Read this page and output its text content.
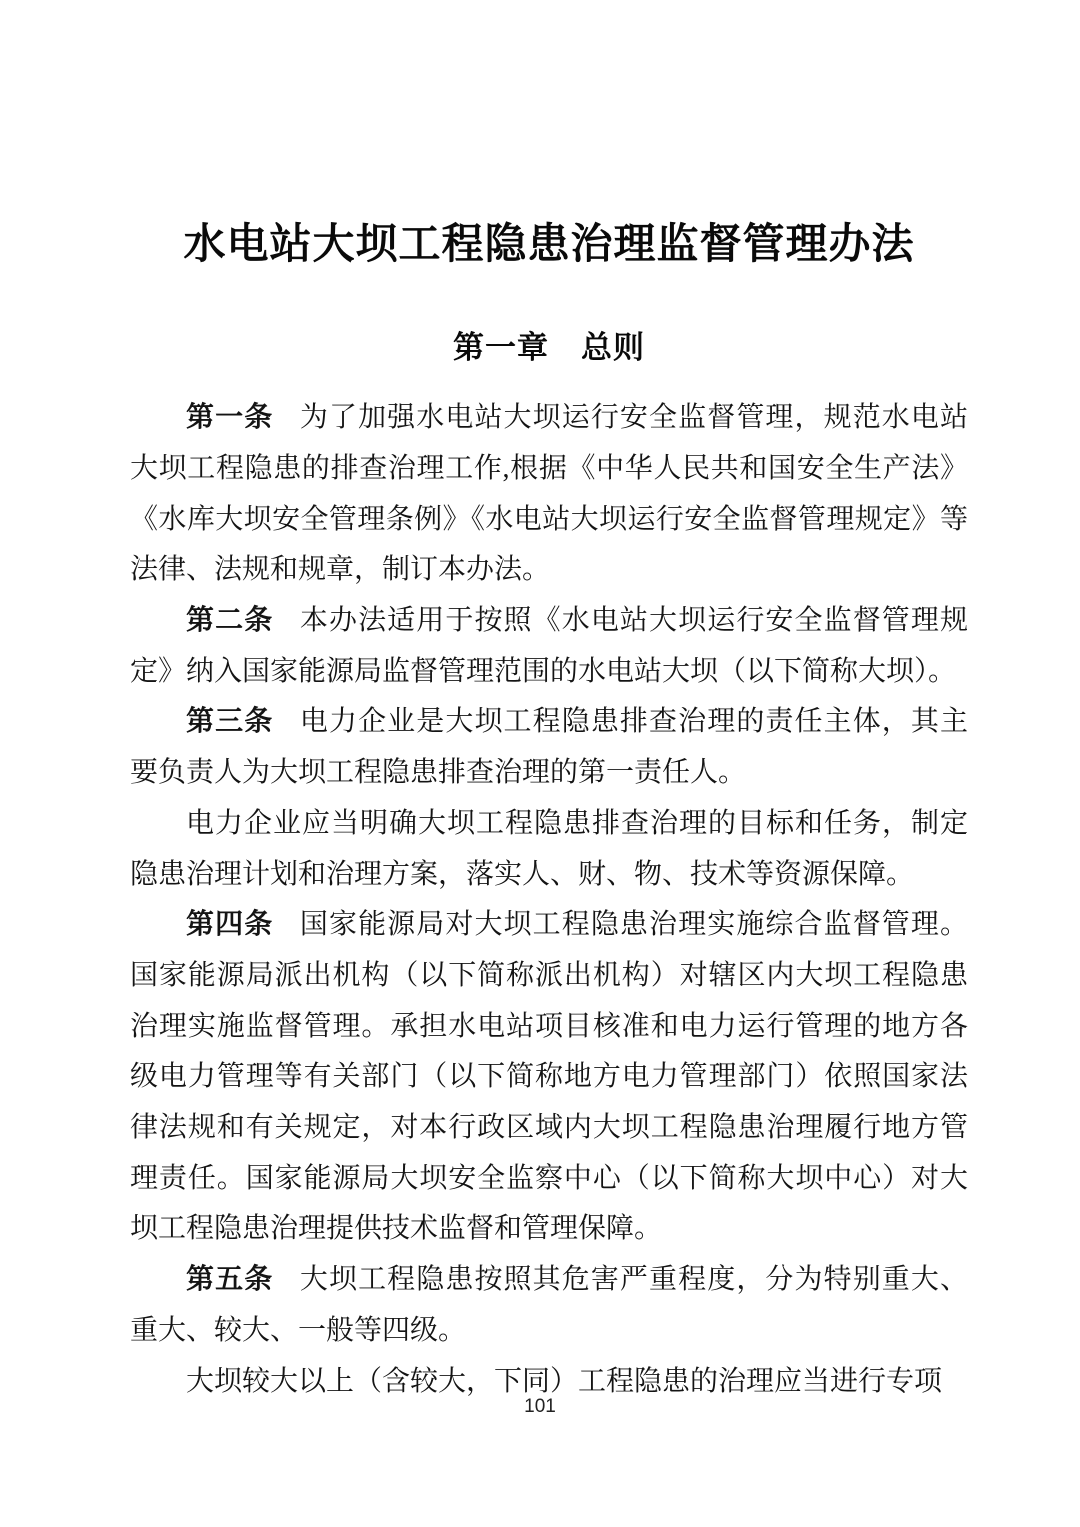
水电站大坝工程隐患治理监督管理办法
第一章　总则

第一条 为了加强水电站大坝运行安全监督管理，规范水电站大坝工程隐患的排查治理工作,根据《中华人民共和国安全生产法》《水库大坝安全管理条例》《水电站大坝运行安全监督管理规定》等法律、法规和规章，制订本办法。

第二条 本办法适用于按照《水电站大坝运行安全监督管理规定》纳入国家能源局监督管理范围的水电站大坝（以下简称大坝）。

第三条 电力企业是大坝工程隐患排查治理的责任主体，其主要负责人为大坝工程隐患排查治理的第一责任人。

电力企业应当明确大坝工程隐患排查治理的目标和任务，制定隐患治理计划和治理方案，落实人、财、物、技术等资源保障。

第四条 国家能源局对大坝工程隐患治理实施综合监督管理。国家能源局派出机构（以下简称派出机构）对辖区内大坝工程隐患治理实施监督管理。承担水电站项目核准和电力运行管理的地方各级电力管理等有关部门（以下简称地方电力管理部门）依照国家法律法规和有关规定，对本行政区域内大坝工程隐患治理履行地方管理责任。国家能源局大坝安全监察中心（以下简称大坝中心）对大坝工程隐患治理提供技术监督和管理保障。

第五条 大坝工程隐患按照其危害严重程度，分为特别重大、重大、较大、一般等四级。

大坝较大以上（含较大，下同）工程隐患的治理应当进行专项

101
